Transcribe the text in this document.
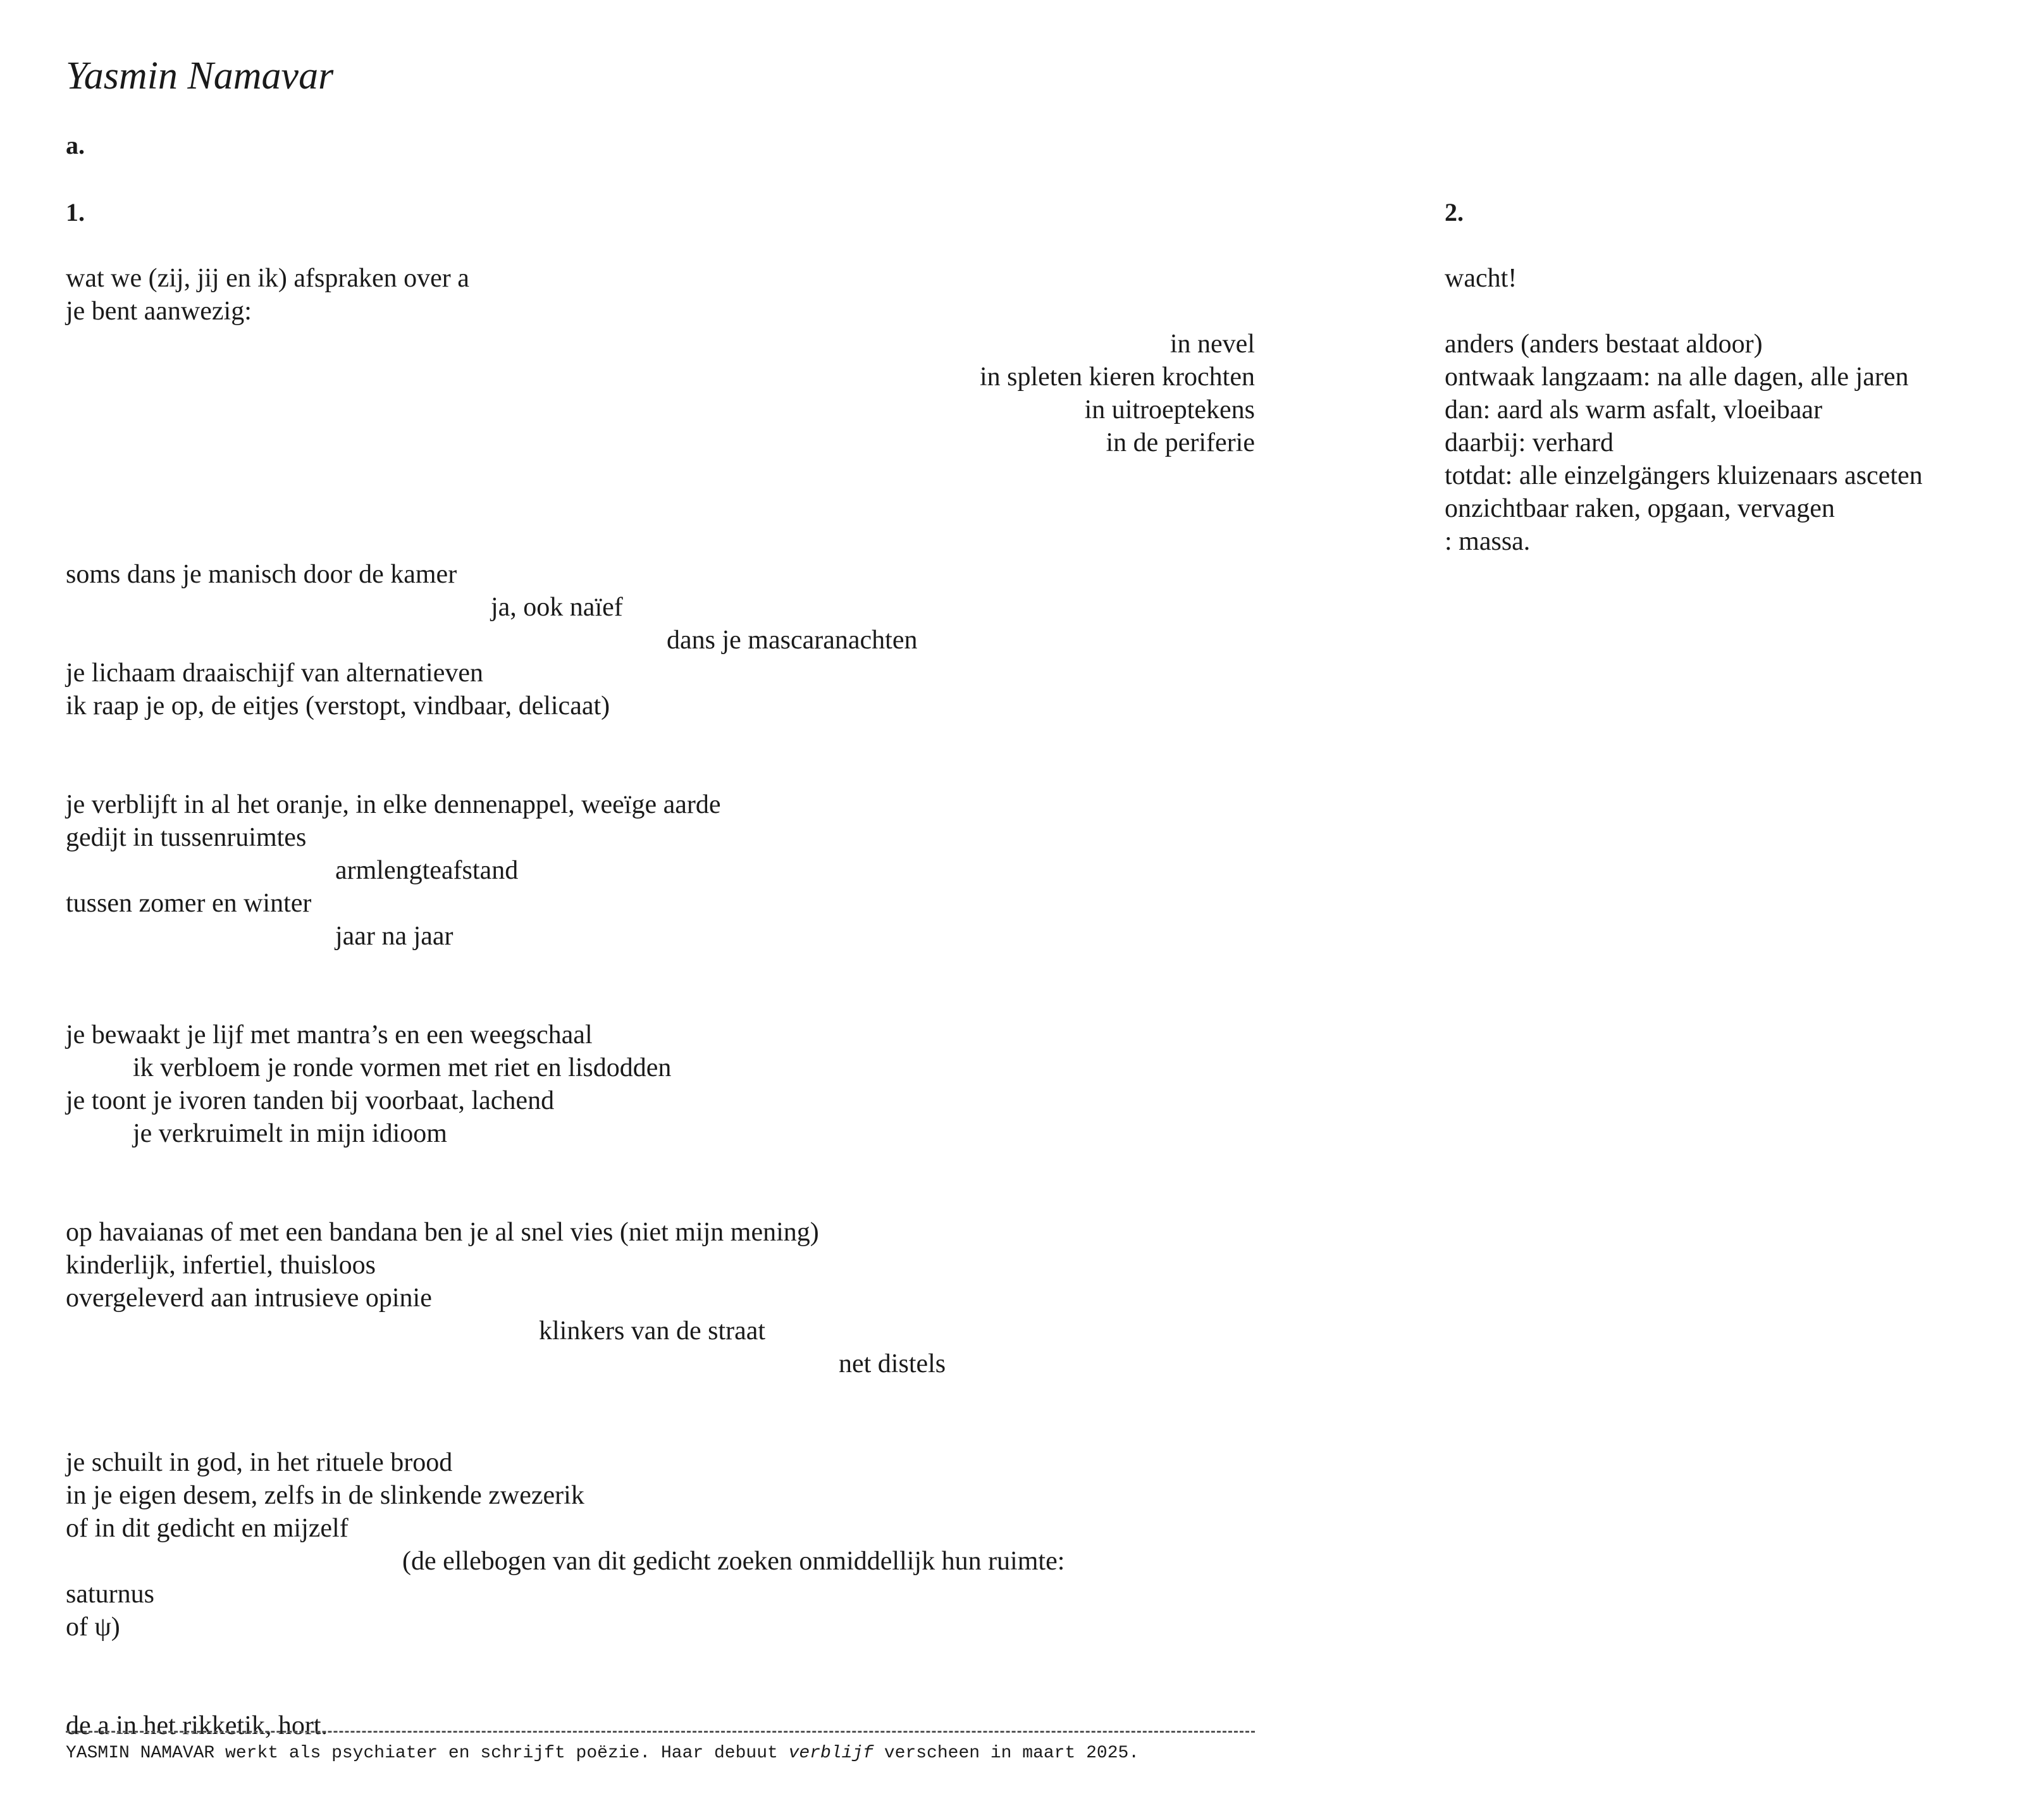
Yasmin Namavar
a.
1.
wat we (zij, jij en ik) afspraken over a
je bent aanwezig:
in nevel
in spleten kieren krochten
in uitroeptekens
in de periferie
soms dans je manisch door de kamer
ja, ook naïef
dans je mascaranachten
je lichaam draaischijf van alternatieven
ik raap je op, de eitjes (verstopt, vindbaar, delicaat)
je verblijft in al het oranje, in elke dennenappel, weeïge aarde
gedijt in tussenruimtes
armlengteafstand
tussen zomer en winter
jaar na jaar
je bewaakt je lijf met mantra’s en een weegschaal
ik verbloem je ronde vormen met riet en lisdodden
je toont je ivoren tanden bij voorbaat, lachend
je verkruimelt in mijn idioom
op havaianas of met een bandana ben je al snel vies (niet mijn mening)
kinderlijk, infertiel, thuisloos
overgeleverd aan intrusieve opinie
klinkers van de straat
net distels
je schuilt in god, in het rituele brood
in je eigen desem, zelfs in de slinkende zwezerik
of in dit gedicht en mijzelf
(de ellebogen van dit gedicht zoeken onmiddellijk hun ruimte:
saturnus
of ψ)
de a in het rikketik, hort.
2.
wacht!
anders (anders bestaat aldoor)
ontwaak langzaam: na alle dagen, alle jaren
dan: aard als warm asfalt, vloeibaar
daarbij: verhard
totdat: alle einzelgängers kluizenaars asceten
onzichtbaar raken, opgaan, vervagen
: massa.
YASMIN NAMAVAR werkt als psychiater en schrijft poëzie. Haar debuut verblijf verscheen in maart 2025.
